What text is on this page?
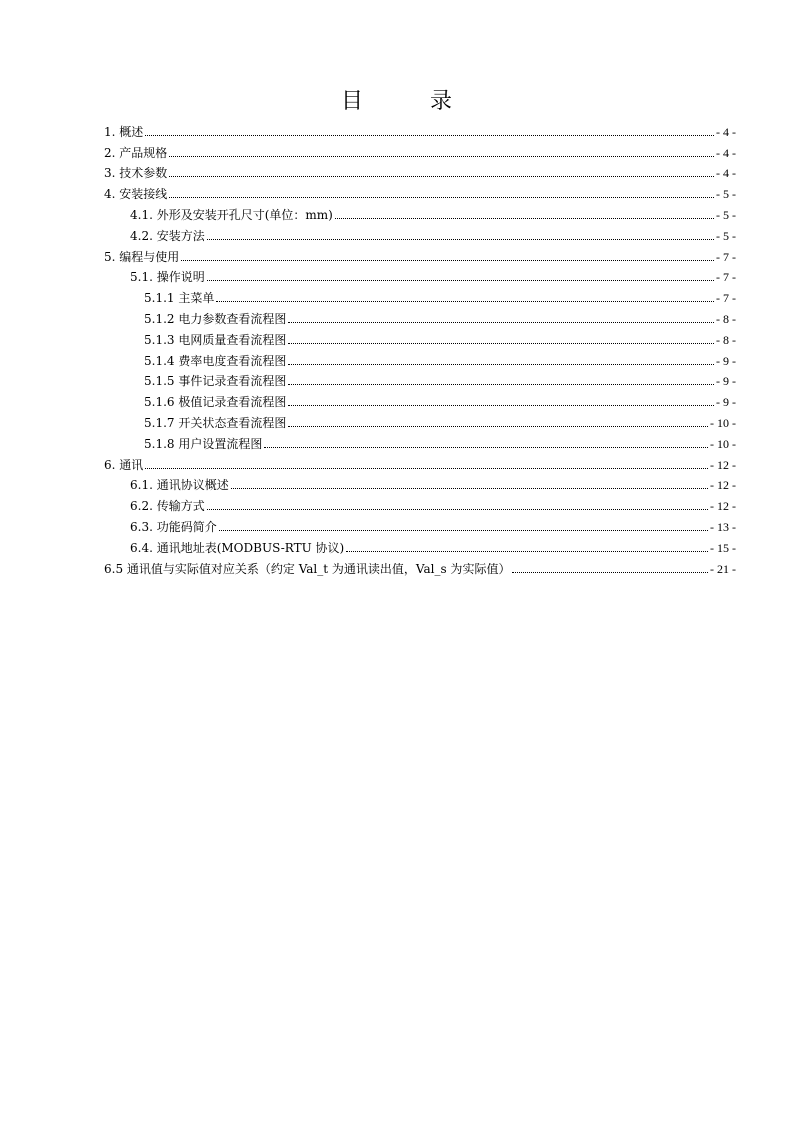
目 录
1. 概述	- 4 -
2. 产品规格	- 4 -
3. 技术参数	- 4 -
4. 安装接线	- 5 -
4.1. 外形及安装开孔尺寸(单位：mm)	- 5 -
4.2. 安装方法	- 5 -
5. 编程与使用	- 7 -
5.1. 操作说明	- 7 -
5.1.1 主菜单	- 7 -
5.1.2 电力参数查看流程图	- 8 -
5.1.3 电网质量查看流程图	- 8 -
5.1.4 费率电度查看流程图	- 9 -
5.1.5 事件记录查看流程图	- 9 -
5.1.6 极值记录查看流程图	- 9 -
5.1.7 开关状态查看流程图	- 10 -
5.1.8 用户设置流程图	- 10 -
6. 通讯	- 12 -
6.1. 通讯协议概述	- 12 -
6.2. 传输方式	- 12 -
6.3. 功能码简介	- 13 -
6.4. 通讯地址表(MODBUS-RTU 协议)	- 15 -
6.5 通讯值与实际值对应关系（约定 Val_t 为通讯读出值，Val_s 为实际值）	- 21 -
